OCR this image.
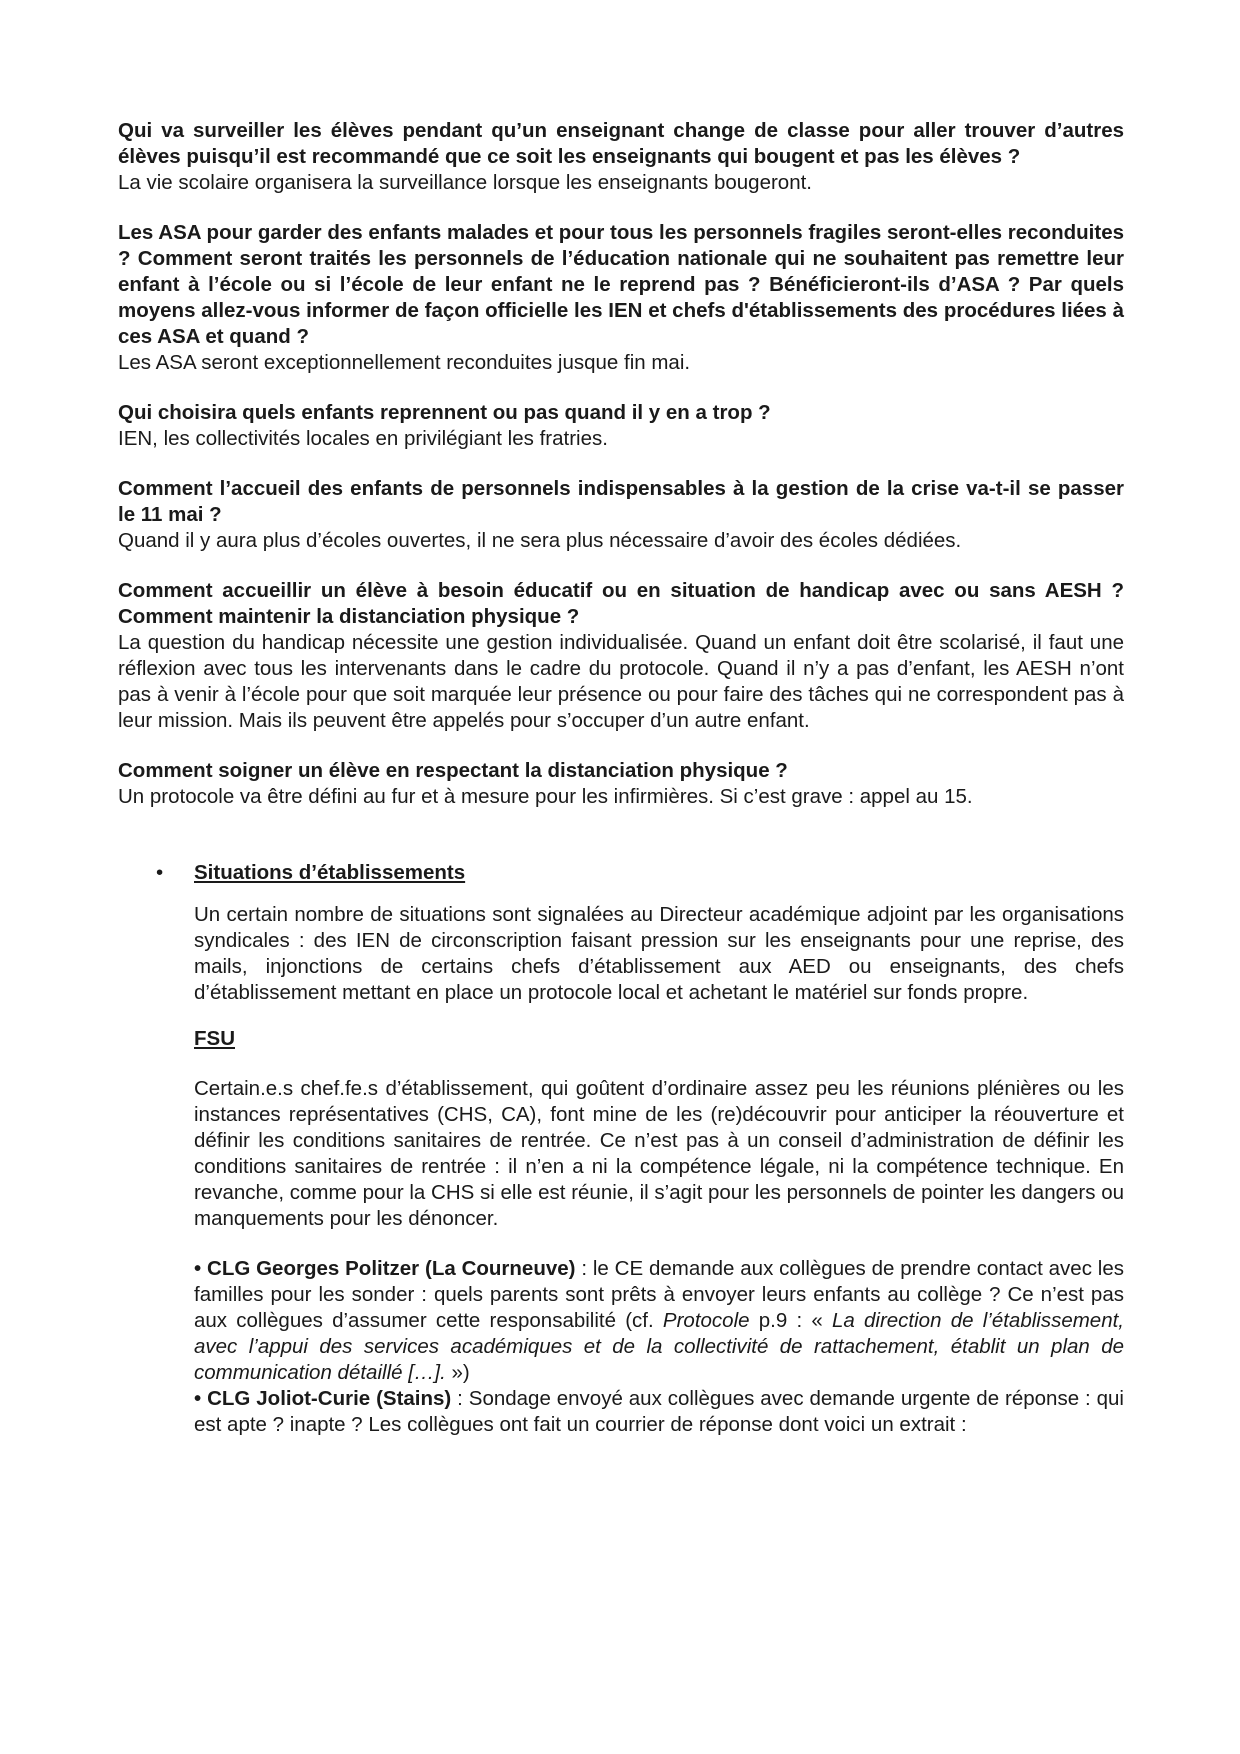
Qui va surveiller les élèves pendant qu’un enseignant change de classe pour aller trouver d’autres élèves puisqu’il est recommandé que ce soit les enseignants qui bougent et pas les élèves ?

La vie scolaire organisera la surveillance lorsque les enseignants bougeront.

Les ASA pour garder des enfants malades et pour tous les personnels fragiles seront-elles reconduites ? Comment seront traités les personnels de l’éducation nationale qui ne souhaitent pas remettre leur enfant à l’école ou si l’école de leur enfant ne le reprend pas ? Bénéficieront-ils d’ASA ? Par quels moyens allez-vous informer de façon officielle les IEN et chefs d'établissements des procédures liées à ces ASA et quand ?

Les ASA seront exceptionnellement reconduites jusque fin mai.

Qui choisira quels enfants reprennent ou pas quand il y en a trop ?

IEN, les collectivités locales en privilégiant les fratries.

Comment l’accueil des enfants de personnels indispensables à la gestion de la crise va-t-il se passer le 11 mai ?

Quand il y aura plus d’écoles ouvertes, il ne sera plus nécessaire d’avoir des écoles dédiées.

Comment accueillir un élève à besoin éducatif ou en situation de handicap avec ou sans AESH ? Comment maintenir la distanciation physique ?

La question du handicap nécessite une gestion individualisée. Quand un enfant doit être scolarisé, il faut une réflexion avec tous les intervenants dans le cadre du protocole. Quand il n’y a pas d’enfant, les AESH n’ont pas à venir à l’école pour que soit marquée leur présence ou pour faire des tâches qui ne correspondent pas à leur mission. Mais ils peuvent être appelés pour s’occuper d’un autre enfant.

Comment soigner un élève en respectant la distanciation physique ?

Un protocole va être défini au fur et à mesure pour les infirmières. Si c’est grave : appel au 15.

• Situations d’établissements

Un certain nombre de situations sont signalées au Directeur académique adjoint par les organisations syndicales : des IEN de circonscription faisant pression sur les enseignants pour une reprise, des mails, injonctions de certains chefs d’établissement aux AED ou enseignants, des chefs d’établissement mettant en place un protocole local et achetant le matériel sur fonds propre.

FSU

Certain.e.s chef.fe.s d’établissement, qui goûtent d’ordinaire assez peu les réunions plénières ou les instances représentatives (CHS, CA), font mine de les (re)découvrir pour anticiper la réouverture et définir les conditions sanitaires de rentrée. Ce n’est pas à un conseil d’administration de définir les conditions sanitaires de rentrée : il n’en a ni la compétence légale, ni la compétence technique. En revanche, comme pour la CHS si elle est réunie, il s’agit pour les personnels de pointer les dangers ou manquements pour les dénoncer.

• CLG Georges Politzer (La Courneuve) : le CE demande aux collègues de prendre contact avec les familles pour les sonder : quels parents sont prêts à envoyer leurs enfants au collège ? Ce n’est pas aux collègues d’assumer cette responsabilité (cf. Protocole p.9 : « La direction de l’établissement, avec l’appui des services académiques et de la collectivité de rattachement, établit un plan de communication détaillé […]. »)

• CLG Joliot-Curie (Stains) : Sondage envoyé aux collègues avec demande urgente de réponse : qui est apte ? inapte ? Les collègues ont fait un courrier de réponse dont voici un extrait :
